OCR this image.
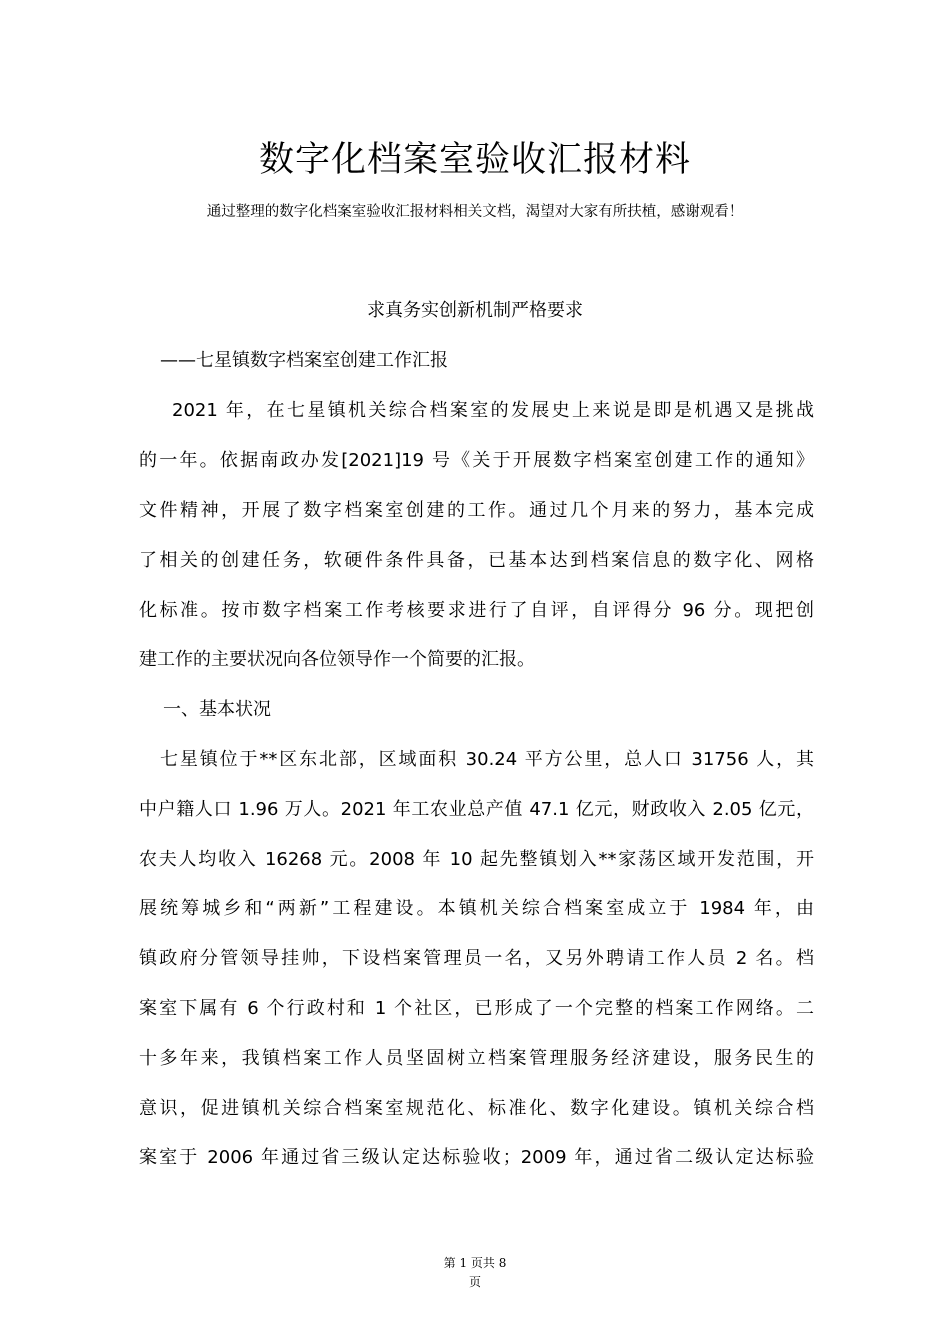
数字化档案室验收汇报材料
通过整理的数字化档案室验收汇报材料相关文档，渴望对大家有所扶植，感谢观看！
求真务实创新机制严格要求
——七星镇数字档案室创建工作汇报
2021 年，在七星镇机关综合档案室的发展史上来说是即是机遇又是挑战
的一年。依据南政办发[2021]19 号《关于开展数字档案室创建工作的通知》
文件精神，开展了数字档案室创建的工作。通过几个月来的努力，基本完成
了相关的创建任务，软硬件条件具备，已基本达到档案信息的数字化、网格
化标准。按市数字档案工作考核要求进行了自评，自评得分 96 分。现把创
建工作的主要状况向各位领导作一个简要的汇报。
一、基本状况
七星镇位于**区东北部，区域面积 30.24 平方公里，总人口 31756 人，其
中户籍人口 1.96 万人。2021 年工农业总产值 47.1 亿元，财政收入 2.05 亿元，
农夫人均收入 16268 元。2008 年 10 起先整镇划入**家荡区域开发范围，开
展统筹城乡和“两新”工程建设。本镇机关综合档案室成立于 1984 年，由
镇政府分管领导挂帅，下设档案管理员一名，又另外聘请工作人员 2 名。档
案室下属有 6 个行政村和 1 个社区，已形成了一个完整的档案工作网络。二
十多年来，我镇档案工作人员坚固树立档案管理服务经济建设，服务民生的
意识，促进镇机关综合档案室规范化、标准化、数字化建设。镇机关综合档
案室于 2006 年通过省三级认定达标验收；2009 年，通过省二级认定达标验
第 1 页共 8
页
